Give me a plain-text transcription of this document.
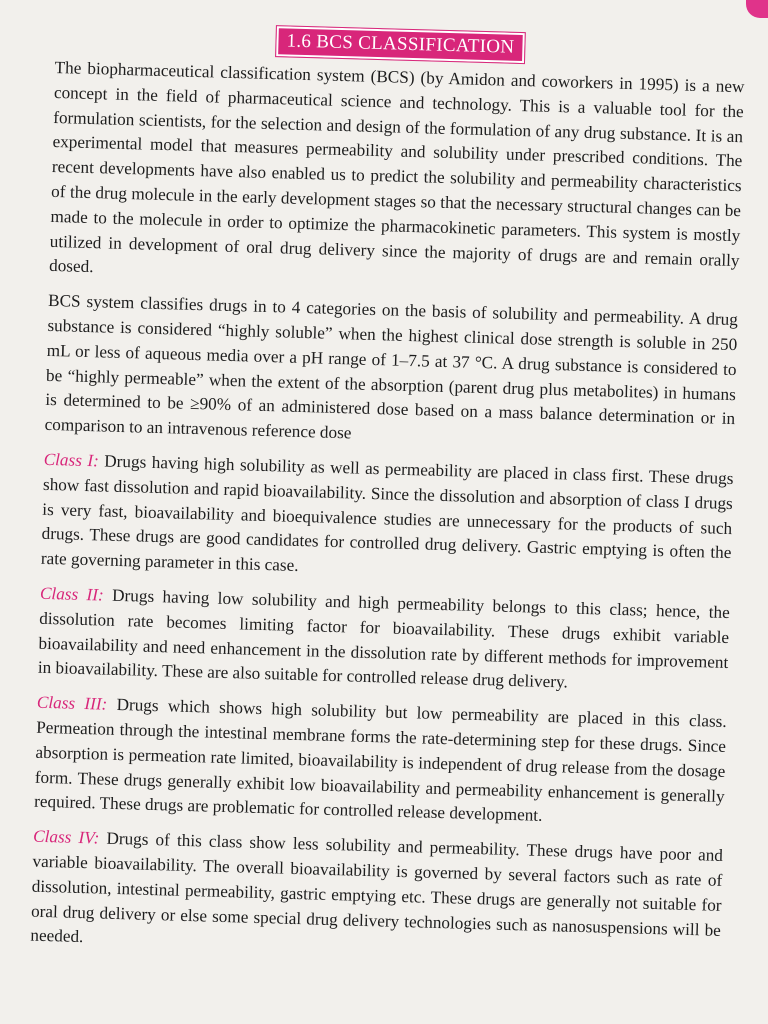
1.6 BCS CLASSIFICATION

The biopharmaceutical classification system (BCS) (by Amidon and coworkers in 1995) is a new concept in the field of pharmaceutical science and technology. This is a valuable tool for the formulation scientists, for the selection and design of the formulation of any drug substance. It is an experimental model that measures permeability and solubility under prescribed conditions. The recent developments have also enabled us to predict the solubility and permeability characteristics of the drug molecule in the early development stages so that the necessary structural changes can be made to the molecule in order to optimize the pharmacokinetic parameters. This system is mostly utilized in development of oral drug delivery since the majority of drugs are and remain orally dosed.

BCS system classifies drugs in to 4 categories on the basis of solubility and permeability. A drug substance is considered “highly soluble” when the highest clinical dose strength is soluble in 250 mL or less of aqueous media over a pH range of 1–7.5 at 37 °C. A drug substance is considered to be “highly permeable” when the extent of the absorption (parent drug plus metabolites) in humans is determined to be ≥90% of an administered dose based on a mass balance determination or in comparison to an intravenous reference dose

Class I: Drugs having high solubility as well as permeability are placed in class first. These drugs show fast dissolution and rapid bioavailability. Since the dissolution and absorption of class I drugs is very fast, bioavailability and bioequivalence studies are unnecessary for the products of such drugs. These drugs are good candidates for controlled drug delivery. Gastric emptying is often the rate governing parameter in this case.

Class II: Drugs having low solubility and high permeability belongs to this class; hence, the dissolution rate becomes limiting factor for bioavailability. These drugs exhibit variable bioavailability and need enhancement in the dissolution rate by different methods for improvement in bioavailability. These are also suitable for controlled release drug delivery.

Class III: Drugs which shows high solubility but low permeability are placed in this class. Permeation through the intestinal membrane forms the rate-determining step for these drugs. Since absorption is permeation rate limited, bioavailability is independent of drug release from the dosage form. These drugs generally exhibit low bioavailability and permeability enhancement is generally required. These drugs are problematic for controlled release development.

Class IV: Drugs of this class show less solubility and permeability. These drugs have poor and variable bioavailability. The overall bioavailability is governed by several factors such as rate of dissolution, intestinal permeability, gastric emptying etc. These drugs are generally not suitable for oral drug delivery or else some special drug delivery technologies such as nanosuspensions will be needed.
